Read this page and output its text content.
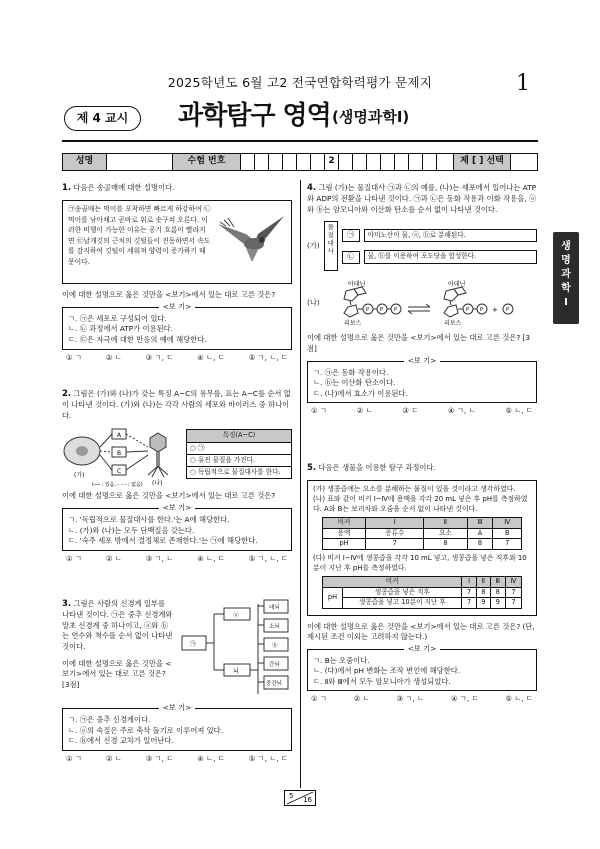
2025학년도 6월 고2 전국연합학력평가 문제지	1
제 4 교시	과학탐구 영역 (생명과학Ⅰ)
성명	수험 번호	2	제 [ ] 선택
생명과학Ⅰ
1. 다음은 송골매에 대한 설명이다.
㉠송골매는 먹이를 포착하면 빠르게 하강하여 ㉡먹이를 낚아채고 곧바로 위로 솟구쳐 오른다. 이러한 비행이 가능한 이유는 공기 흐름이 빨라지면 ㉢날개깃의 근처의 깃털들이 진동하면서 속도를 감지하여 깃털이 세워져 양력이 증가하기 때문이다.
이에 대한 설명으로 옳은 것만을 <보기>에서 있는 대로 고른 것은?
<보 기>
ㄱ. ㉠은 세포로 구성되어 있다.
ㄴ. ㉡ 과정에서 ATP가 이용된다.
ㄷ. ㉢은 자극에 대한 반응의 예에 해당한다.
① ㄱ	② ㄴ	③ ㄱ, ㄷ	④ ㄴ, ㄷ	⑤ ㄱ, ㄴ, ㄷ
2. 그림은 (가)와 (나)가 갖는 특징 A~C의 유무를, 표는 A~C를 순서 없이 나타낸 것이다. (가)와 (나)는 각각 사람의 세포와 바이러스 중 하나이다.
(가)
A
B
C
(나)
(── : 있음, - - - : 없음)
특징(A~C)
○ ㉠
○ 유전 물질을 가진다.
○ 독립적으로 물질대사를 한다.
이에 대한 설명으로 옳은 것만을 <보기>에서 있는 대로 고른 것은?
<보 기>
ㄱ. '독립적으로 물질대사를 한다.'는 A에 해당한다.
ㄴ. (가)와 (나)는 모두 단백질을 갖는다.
ㄷ. '숙주 세포 밖에서 결정체로 존재한다.'는 ㉠에 해당한다.
① ㄱ	② ㄴ	③ ㄱ, ㄴ	④ ㄴ, ㄷ	⑤ ㄱ, ㄴ, ㄷ
3. 그림은 사람의 신경계 일부를 나타낸 것이다. ㉠은 중추 신경계와 말초 신경계 중 하나이고, ⓐ와 ⓑ는 연수와 척수를 순서 없이 나타낸 것이다.
이에 대한 설명으로 옳은 것만을 <보기>에서 있는 대로 고른 것은? [3점]
㉠
ⓐ
뇌
대뇌
소뇌
ⓑ
간뇌
중간뇌
<보 기>
ㄱ. ㉠은 중추 신경계이다.
ㄴ. ⓐ의 속질은 주로 축삭 돌기로 이루어져 있다.
ㄷ. ⓑ에서 신경 교차가 일어난다.
① ㄱ	② ㄴ	③ ㄱ, ㄷ	④ ㄴ, ㄷ	⑤ ㄱ, ㄴ, ㄷ
4. 그림 (가)는 물질대사 ㉠과 ㉡의 예를, (나)는 세포에서 일어나는 ATP와 ADP의 전환을 나타낸 것이다. ㉠과 ㉡은 동화 작용과 이화 작용을, ⓐ와 ⓑ는 암모니아와 이산화 탄소를 순서 없이 나타낸 것이다.
(가)
물질대사
㉠	아미노산이 물, ⓐ, ⓑ로 분해된다.
㉡	물, ⓑ를 이용하여 포도당을 합성한다.
(나)
아데닌
리보스
P P P
아데닌
리보스
P P + P
이에 대한 설명으로 옳은 것만을 <보기>에서 있는 대로 고른 것은? [3점]
<보 기>
ㄱ. ㉠은 동화 작용이다.
ㄴ. ⓑ는 이산화 탄소이다.
ㄷ. (나)에서 효소가 이용된다.
① ㄱ	② ㄴ	③ ㄷ	④ ㄱ, ㄴ	⑤ ㄴ, ㄷ
5. 다음은 생물을 이용한 탐구 과정이다.
(가) 생콩즙에는 요소를 분해하는 물질이 있을 것이라고 생각하였다.
(나) 표와 같이 비커 Ⅰ~Ⅳ에 용액을 각각 20 mL 넣은 후 pH를 측정하였다. A와 B는 보리차와 오줌을 순서 없이 나타낸 것이다.
비커	Ⅰ	Ⅱ	Ⅲ	Ⅳ
용액	증류수	요소	A	B
pH	7	8	8	7
(다) 비커 Ⅰ~Ⅳ에 생콩즙을 각각 10 mL 넣고, 생콩즙을 넣은 직후와 10분이 지난 후 pH를 측정하였다.
비커		Ⅰ	Ⅱ	Ⅲ	Ⅳ
pH	생콩즙을 넣은 직후	7	8	8	7
	생콩즙을 넣고 10분이 지난 후	7	9	9	7
이에 대한 설명으로 옳은 것만을 <보기>에서 있는 대로 고른 것은? (단, 제시된 조건 이외는 고려하지 않는다.)
<보 기>
ㄱ. B는 오줌이다.
ㄴ. (다)에서 pH 변화는 조작 변인에 해당한다.
ㄷ. Ⅱ와 Ⅲ에서 모두 암모니아가 생성되었다.
① ㄱ	② ㄴ	③ ㄱ, ㄴ	④ ㄱ, ㄷ	⑤ ㄴ, ㄷ
5 16
